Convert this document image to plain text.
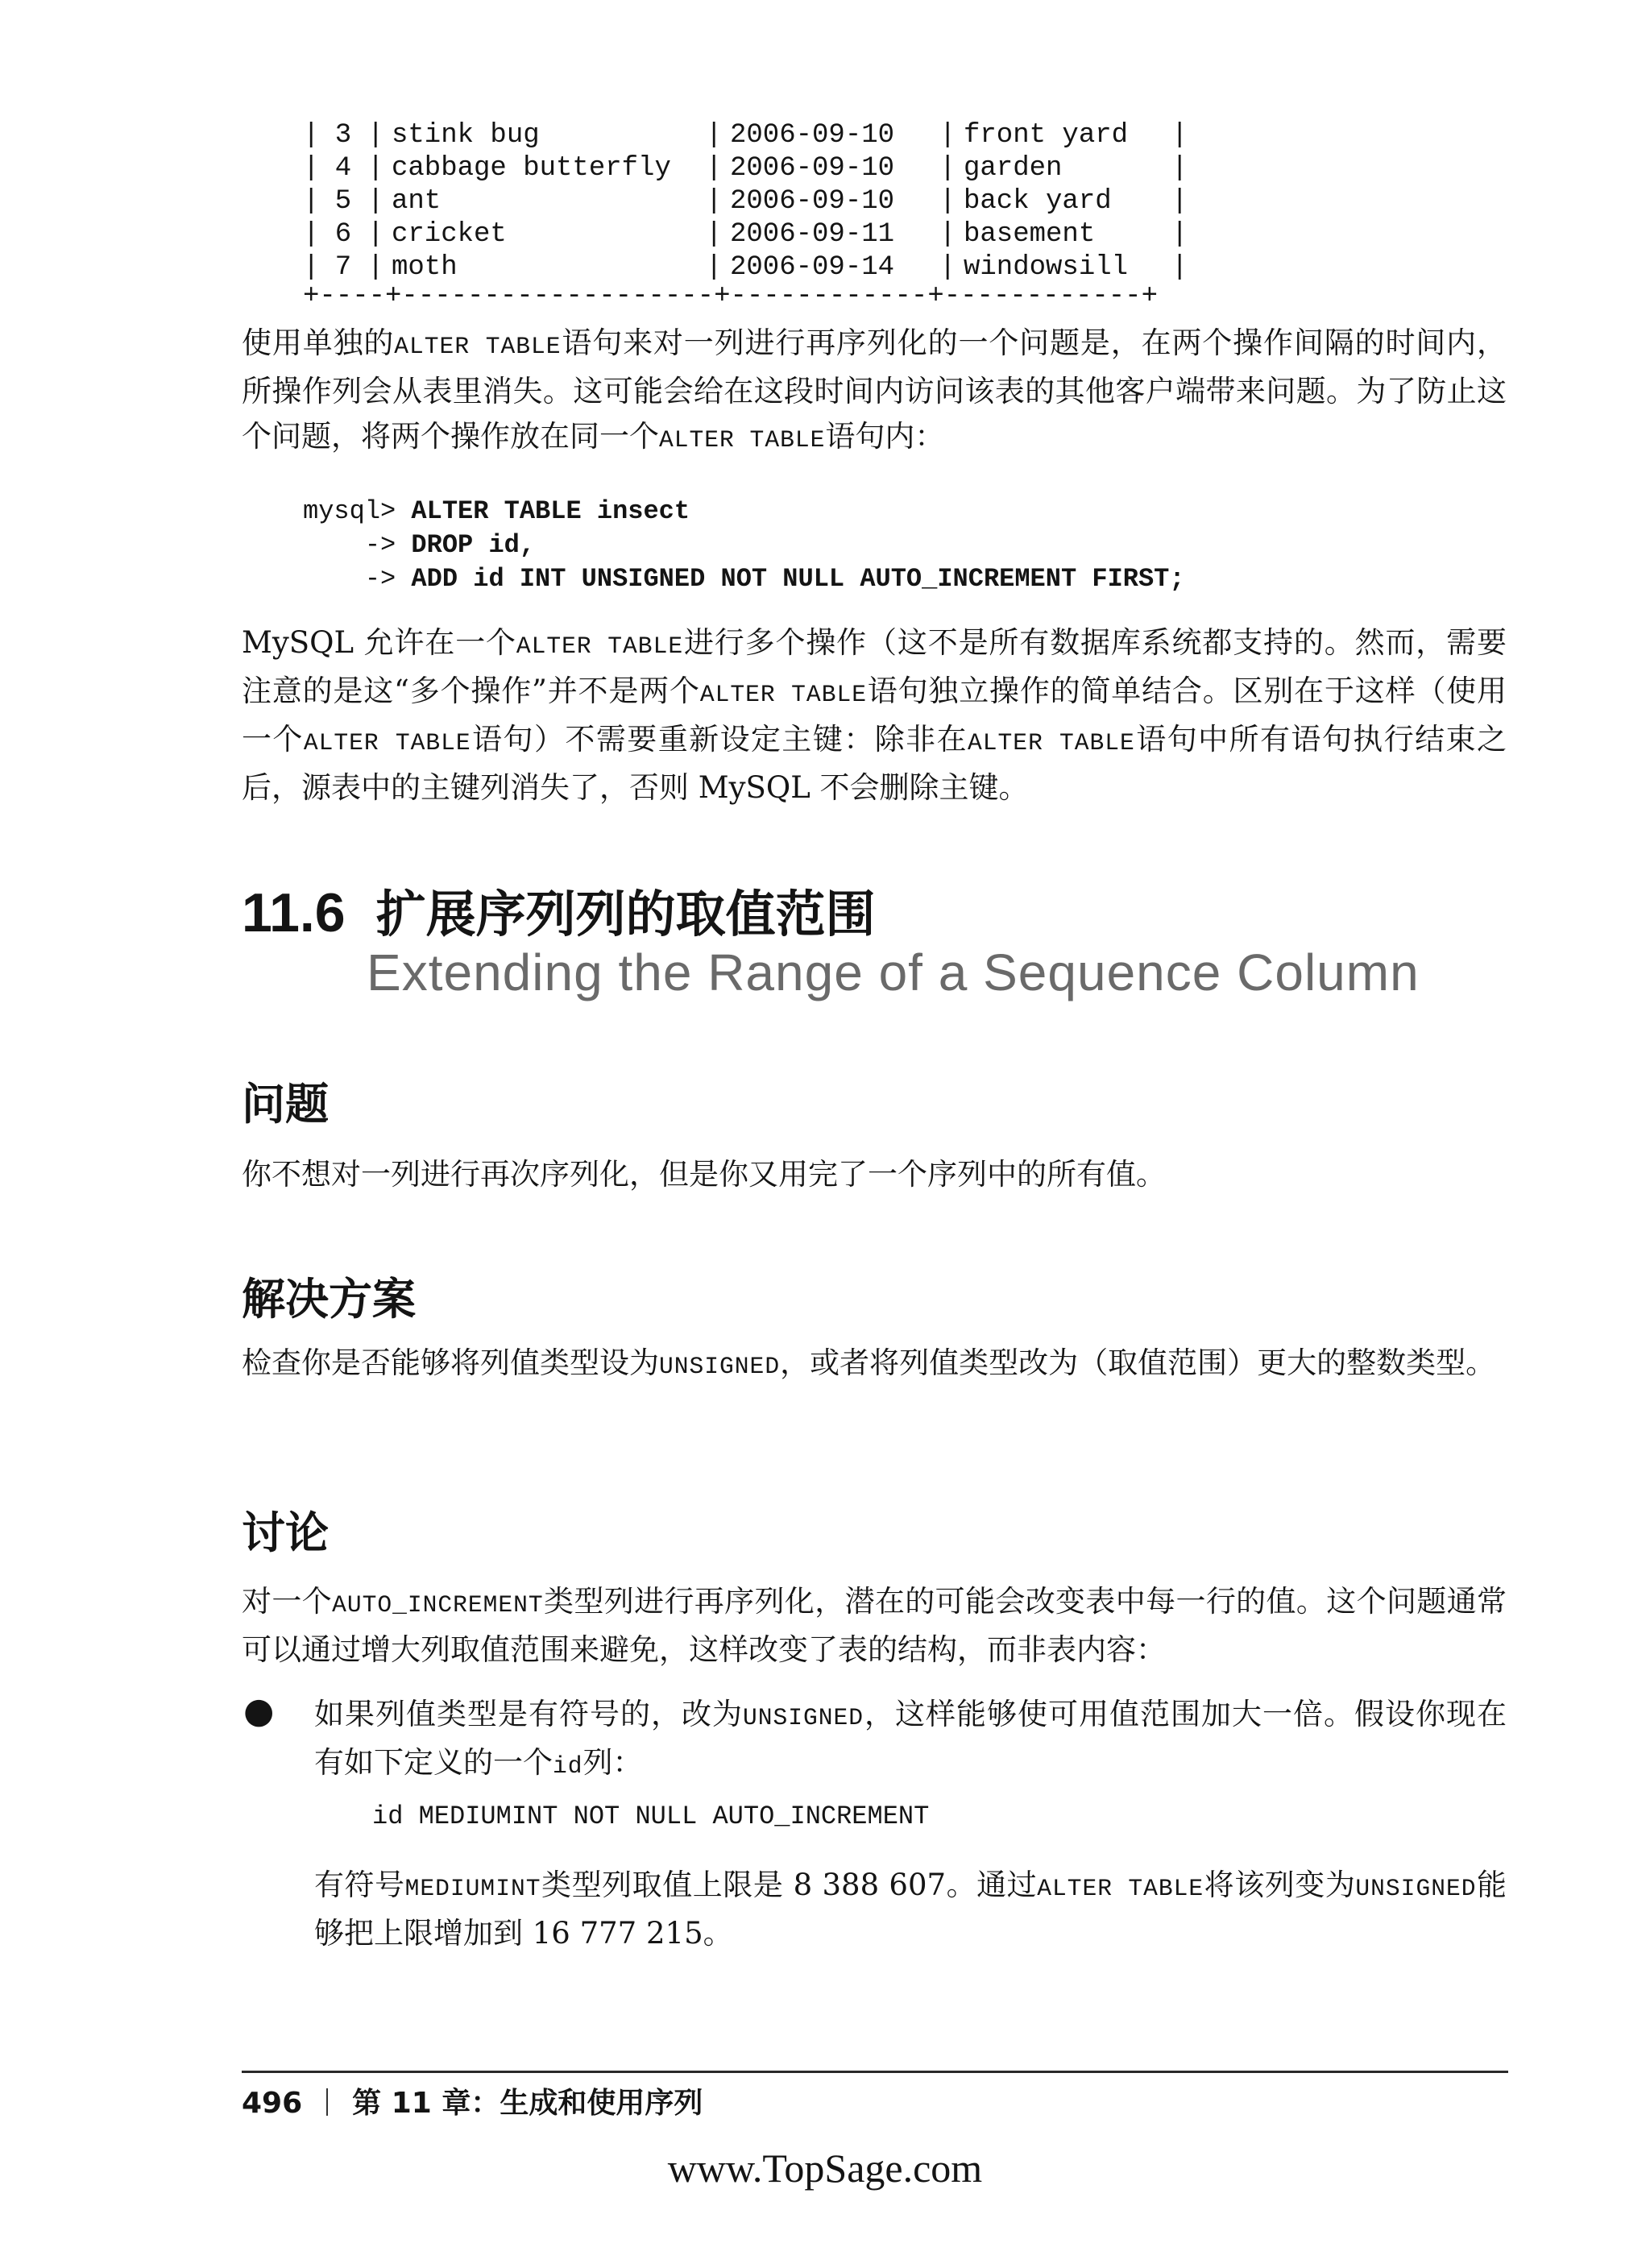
| 3 | stink bug	| 2006-09-10 | front yard |
| 4 | cabbage butterfly | 2006-09-10 | garden	|
| 5 | ant	| 2006-09-10 | back yard |
| 6 | cricket	| 2006-09-11 | basement	|
| 7 | moth	| 2006-09-14 | windowsill |
+----+-------------------+------------+------------+

使用单独的ALTER TABLE语句来对一列进行再序列化的一个问题是，在两个操作间隔的时间内，所操作列会从表里消失。这可能会给在这段时间内访问该表的其他客户端带来问题。为了防止这个问题，将两个操作放在同一个ALTER TABLE语句内：

mysql> ALTER TABLE insect
-> DROP id,
-> ADD id INT UNSIGNED NOT NULL AUTO_INCREMENT FIRST;

MySQL 允许在一个ALTER TABLE进行多个操作（这不是所有数据库系统都支持的。然而，需要注意的是这“多个操作”并不是两个ALTER TABLE语句独立操作的简单结合。区别在于这样（使用一个ALTER TABLE语句）不需要重新设定主键：除非在ALTER TABLE语句中所有语句执行结束之后，源表中的主键列消失了，否则 MySQL 不会删除主键。

11.6 扩展序列列的取值范围
Extending the Range of a Sequence Column
问题

你不想对一列进行再次序列化，但是你又用完了一个序列中的所有值。

解决方案

检查你是否能够将列值类型设为UNSIGNED，或者将列值类型改为（取值范围）更大的整数类型。

讨论

对一个AUTO_INCREMENT类型列进行再序列化，潜在的可能会改变表中每一行的值。这个问题通常可以通过增大列取值范围来避免，这样改变了表的结构，而非表内容：

● 如果列值类型是有符号的，改为UNSIGNED，这样能够使可用值范围加大一倍。假设你现在有如下定义的一个id列：

id MEDIUMINT NOT NULL AUTO_INCREMENT

有符号MEDIUMINT类型列取值上限是 8 388 607。通过ALTER TABLE将该列变为UNSIGNED能够把上限增加到 16 777 215。

496 第 11 章：生成和使用序列
www.TopSage.com
